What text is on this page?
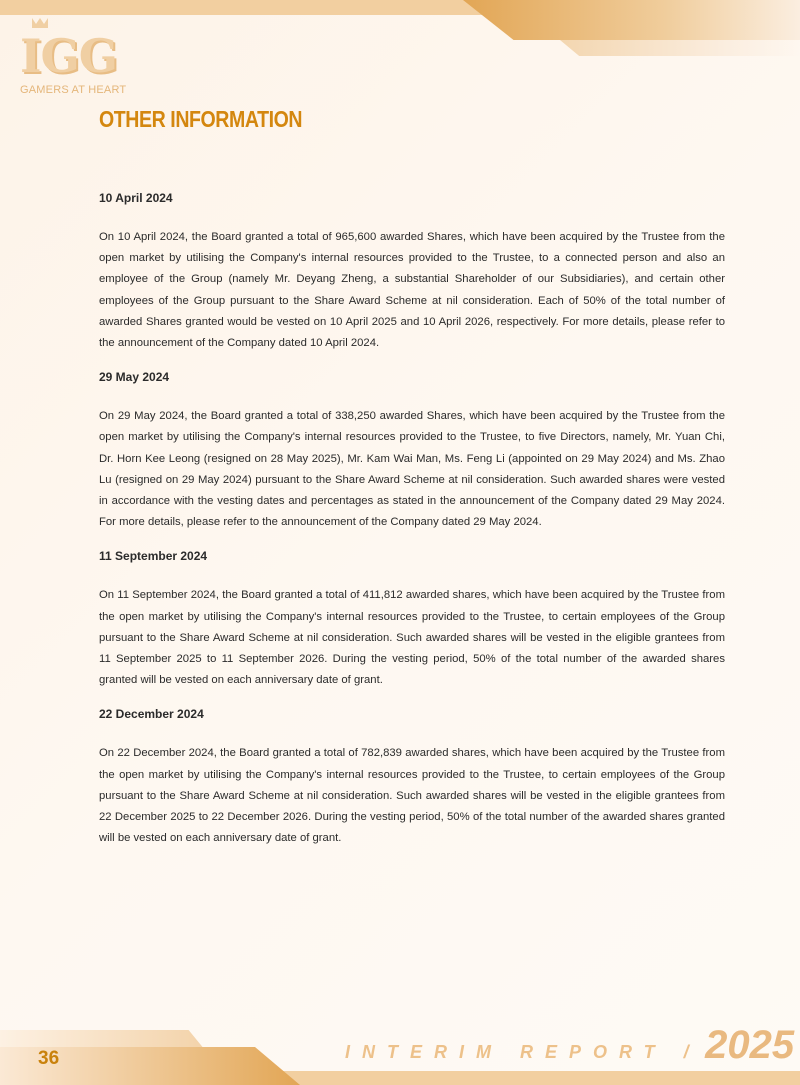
IGG
GAMERS AT HEART
OTHER INFORMATION
10 April 2024

On 10 April 2024, the Board granted a total of 965,600 awarded Shares, which have been acquired by the Trustee from the open market by utilising the Company's internal resources provided to the Trustee, to a connected person and also an employee of the Group (namely Mr. Deyang Zheng, a substantial Shareholder of our Subsidiaries), and certain other employees of the Group pursuant to the Share Award Scheme at nil consideration. Each of 50% of the total number of awarded Shares granted would be vested on 10 April 2025 and 10 April 2026, respectively. For more details, please refer to the announcement of the Company dated 10 April 2024.

29 May 2024

On 29 May 2024, the Board granted a total of 338,250 awarded Shares, which have been acquired by the Trustee from the open market by utilising the Company's internal resources provided to the Trustee, to five Directors, namely, Mr. Yuan Chi, Dr. Horn Kee Leong (resigned on 28 May 2025), Mr. Kam Wai Man, Ms. Feng Li (appointed on 29 May 2024) and Ms. Zhao Lu (resigned on 29 May 2024) pursuant to the Share Award Scheme at nil consideration. Such awarded shares were vested in accordance with the vesting dates and percentages as stated in the announcement of the Company dated 29 May 2024. For more details, please refer to the announcement of the Company dated 29 May 2024.

11 September 2024

On 11 September 2024, the Board granted a total of 411,812 awarded shares, which have been acquired by the Trustee from the open market by utilising the Company's internal resources provided to the Trustee, to certain employees of the Group pursuant to the Share Award Scheme at nil consideration. Such awarded shares will be vested in the eligible grantees from 11 September 2025 to 11 September 2026. During the vesting period, 50% of the total number of the awarded shares granted will be vested on each anniversary date of grant.

22 December 2024

On 22 December 2024, the Board granted a total of 782,839 awarded shares, which have been acquired by the Trustee from the open market by utilising the Company's internal resources provided to the Trustee, to certain employees of the Group pursuant to the Share Award Scheme at nil consideration. Such awarded shares will be vested in the eligible grantees from 22 December 2025 to 22 December 2026. During the vesting period, 50% of the total number of the awarded shares granted will be vested on each anniversary date of grant.

36	INTERIM REPORT / 2025
